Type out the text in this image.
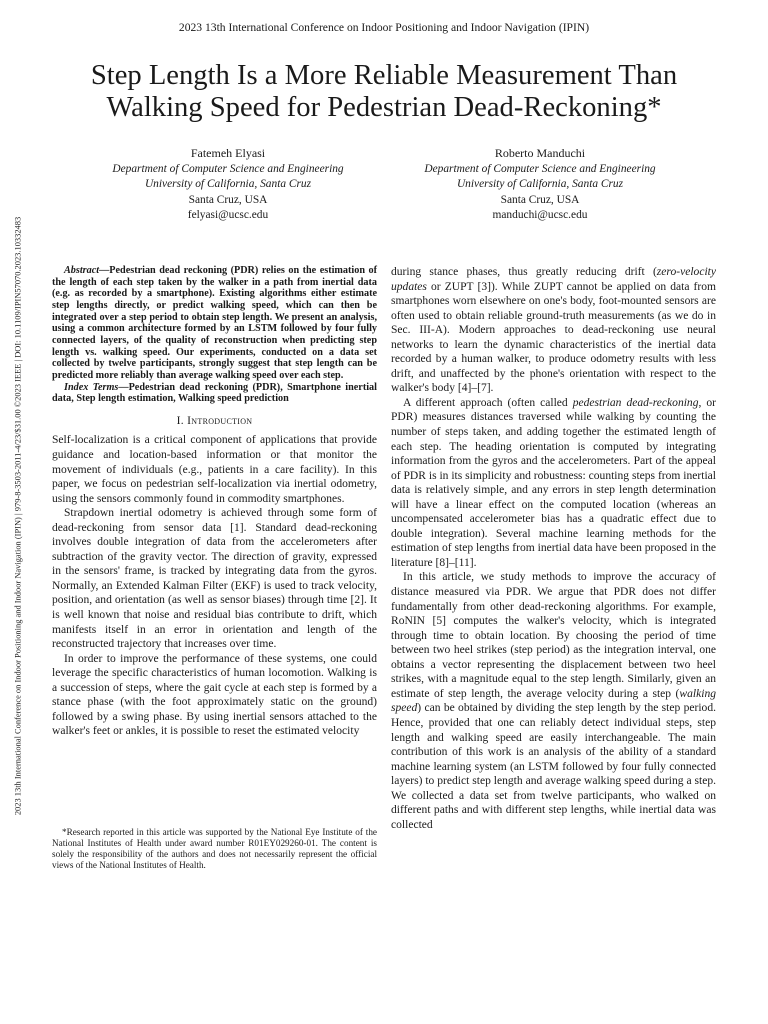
2023 13th International Conference on Indoor Positioning and Indoor Navigation (IPIN)
Step Length Is a More Reliable Measurement Than
Walking Speed for Pedestrian Dead-Reckoning*
Fatemeh Elyasi
Department of Computer Science and Engineering
University of California, Santa Cruz
Santa Cruz, USA
felyasi@ucsc.edu
Roberto Manduchi
Department of Computer Science and Engineering
University of California, Santa Cruz
Santa Cruz, USA
manduchi@ucsc.edu
2023 13th International Conference on Indoor Positioning and Indoor Navigation (IPIN) | 979-8-3503-2011-4/23/$31.00 ©2023 IEEE | DOI: 10.1109/IPIN57070.2023.10332483	Abstract—Pedestrian dead reckoning (PDR) relies on the estimation of the length of each step taken by the walker in a path from inertial data (e.g. as recorded by a smartphone). Existing algorithms either estimate step lengths directly, or predict walking speed, which can then be integrated over a step period to obtain step length. We present an analysis, using a common architecture formed by an LSTM followed by four fully connected layers, of the quality of reconstruction when predicting step length vs. walking speed. Our experiments, conducted on a data set collected by twelve participants, strongly suggest that step length can be predicted more reliably than average walking speed over each step.

Index Terms—Pedestrian dead reckoning (PDR), Smartphone inertial data, Step length estimation, Walking speed prediction

I. Introduction

Self-localization is a critical component of applications that provide guidance and location-based information or that monitor the movement of individuals (e.g., patients in a care facility). In this paper, we focus on pedestrian self-localization via inertial odometry, using the sensors commonly found in commodity smartphones.

Strapdown inertial odometry is achieved through some form of dead-reckoning from sensor data [1]. Standard dead-reckoning involves double integration of data from the accelerometers after subtraction of the gravity vector. The direction of gravity, expressed in the sensors' frame, is tracked by integrating data from the gyros. Normally, an Extended Kalman Filter (EKF) is used to track velocity, position, and orientation (as well as sensor biases) through time [2]. It is well known that noise and residual bias contribute to drift, which manifests itself in an error in orientation and length of the reconstructed trajectory that increases over time.

In order to improve the performance of these systems, one could leverage the specific characteristics of human locomotion. Walking is a succession of steps, where the gait cycle at each step is formed by a stance phase (with the foot approximately static on the ground) followed by a swing phase. By using inertial sensors attached to the walker's feet or ankles, it is possible to reset the estimated velocity

*Research reported in this article was supported by the National Eye Institute of the National Institutes of Health under award number R01EY029260-01. The content is solely the responsibility of the authors and does not necessarily represent the official views of the National Institutes of Health.

during stance phases, thus greatly reducing drift (zero-velocity updates or ZUPT [3]). While ZUPT cannot be applied on data from smartphones worn elsewhere on one's body, foot-mounted sensors are often used to obtain reliable ground-truth measurements (as we do in Sec. III-A). Modern approaches to dead-reckoning use neural networks to learn the dynamic characteristics of the inertial data recorded by a human walker, to produce odometry results with less drift, and unaffected by the phone's orientation with respect to the walker's body [4]–[7].

A different approach (often called pedestrian dead-reckoning, or PDR) measures distances traversed while walking by counting the number of steps taken, and adding together the estimated length of each step. The heading orientation is computed by integrating information from the gyros and the accelerometers. Part of the appeal of PDR is in its simplicity and robustness: counting steps from inertial data is relatively simple, and any errors in step length determination will have a linear effect on the computed location (whereas an uncompensated accelerometer bias has a quadratic effect due to double integration). Several machine learning methods for the estimation of step lengths from inertial data have been proposed in the literature [8]–[11].

In this article, we study methods to improve the accuracy of distance measured via PDR. We argue that PDR does not differ fundamentally from other dead-reckoning algorithms. For example, RoNIN [5] computes the walker's velocity, which is integrated through time to obtain location. By choosing the period of time between two heel strikes (step period) as the integration interval, one obtains a vector representing the displacement between two heel strikes, with a magnitude equal to the step length. Similarly, given an estimate of step length, the average velocity during a step (walking speed) can be obtained by dividing the step length by the step period. Hence, provided that one can reliably detect individual steps, step length and walking speed are easily interchangeable. The main contribution of this work is an analysis of the ability of a standard machine learning system (an LSTM followed by four fully connected layers) to predict step length and average walking speed during a step. We collected a data set from twelve participants, who walked on different paths and with different step lengths, while inertial data was collected
